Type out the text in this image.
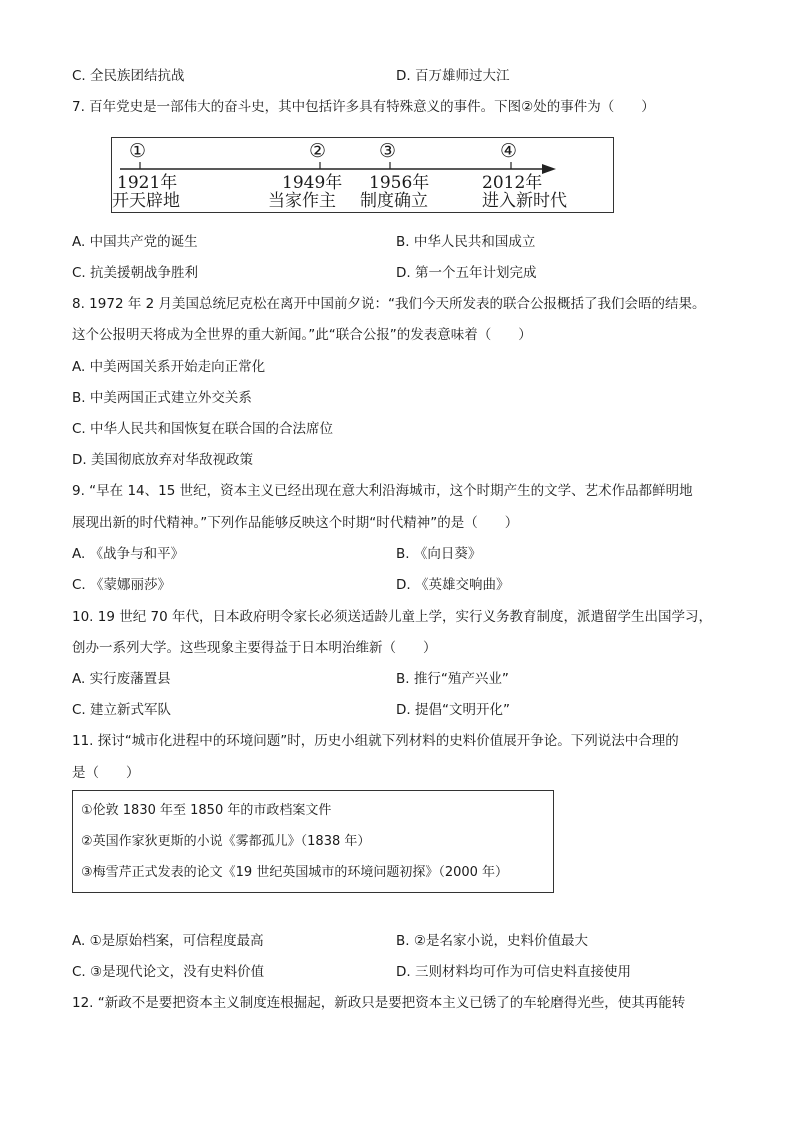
C. 全民族团结抗战	D. 百万雄师过大江
7. 百年党史是一部伟大的奋斗史，其中包括许多具有特殊意义的事件。下图②处的事件为（　　）
①	②	③	④
1921年	1949年 1956年	2012年
开天辟地	当家作主 制度确立	进入新时代
A. 中国共产党的诞生	B. 中华人民共和国成立
C. 抗美援朝战争胜利	D. 第一个五年计划完成
8. 1972 年 2 月美国总统尼克松在离开中国前夕说：“我们今天所发表的联合公报概括了我们会晤的结果。
这个公报明天将成为全世界的重大新闻。”此“联合公报”的发表意味着（　　）
A. 中美两国关系开始走向正常化
B. 中美两国正式建立外交关系
C. 中华人民共和国恢复在联合国的合法席位
D. 美国彻底放弃对华敌视政策
9. “早在 14、15 世纪，资本主义已经出现在意大利沿海城市，这个时期产生的文学、艺术作品都鲜明地
展现出新的时代精神。”下列作品能够反映这个时期“时代精神”的是（　　）
A. 《战争与和平》	B. 《向日葵》
C. 《蒙娜丽莎》	D. 《英雄交响曲》
10. 19 世纪 70 年代，日本政府明令家长必须送适龄儿童上学，实行义务教育制度，派遣留学生出国学习，
创办一系列大学。这些现象主要得益于日本明治维新（　　）
A. 实行废藩置县	B. 推行“殖产兴业”
C. 建立新式军队	D. 提倡“文明开化”
11. 探讨“城市化进程中的环境问题”时，历史小组就下列材料的史料价值展开争论。下列说法中合理的
是（　　）
①伦敦 1830 年至 1850 年的市政档案文件
②英国作家狄更斯的小说《雾都孤儿》（1838 年）
③梅雪芹正式发表的论文《19 世纪英国城市的环境问题初探》（2000 年）
A. ①是原始档案，可信程度最高	B. ②是名家小说，史料价值最大
C. ③是现代论文，没有史料价值	D. 三则材料均可作为可信史料直接使用
12. “新政不是要把资本主义制度连根掘起，新政只是要把资本主义已锈了的车轮磨得光些，使其再能转
